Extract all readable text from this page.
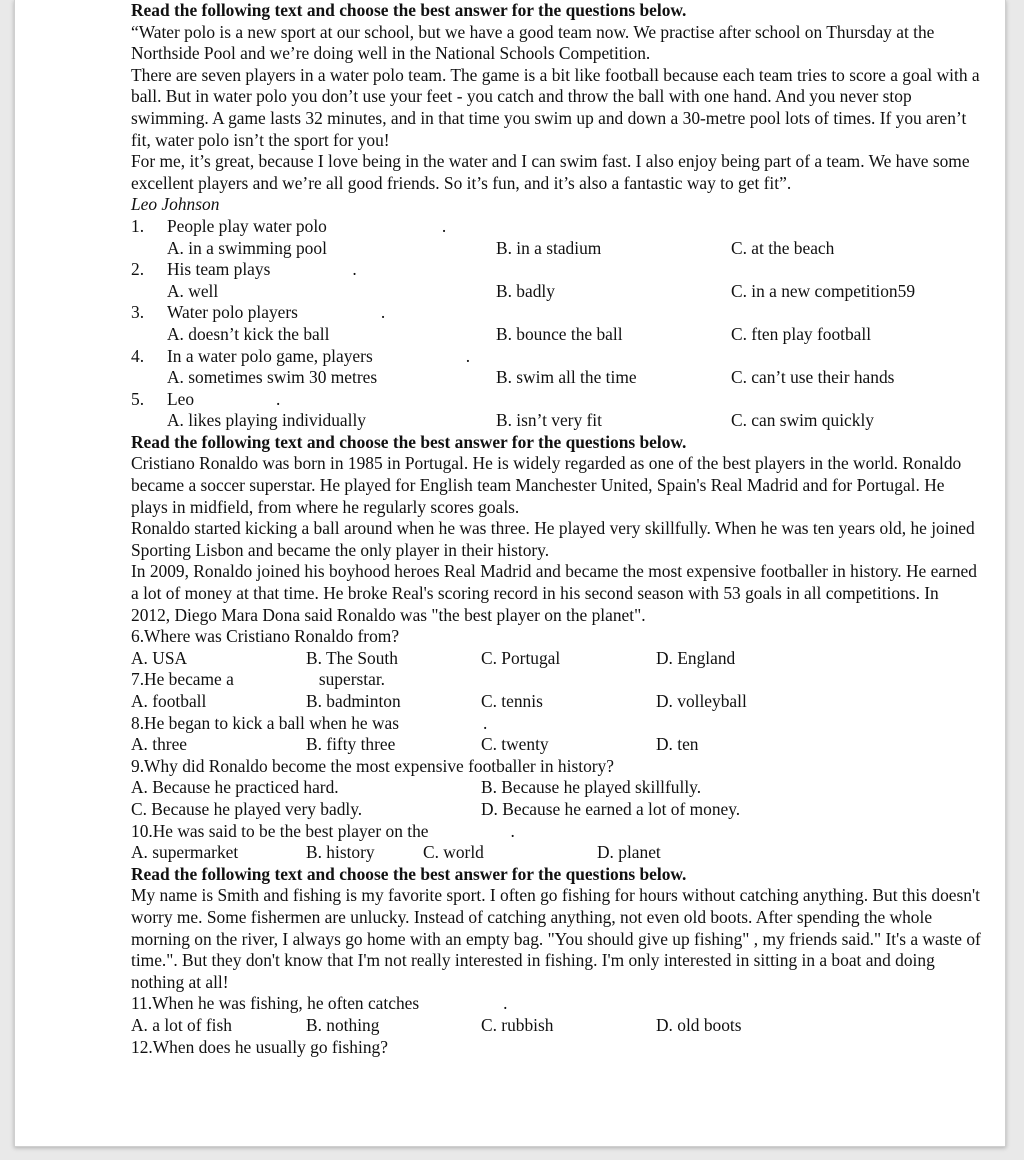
Read the following text and choose the best answer for the questions below.

“Water polo is a new sport at our school, but we have a good team now. We practise after school on Thursday at the Northside Pool and we’re doing well in the National Schools Competition.

There are seven players in a water polo team. The game is a bit like football because each team tries to score a goal with a ball. But in water polo you don’t use your feet - you catch and throw the ball with one hand. And you never stop swimming. A game lasts 32 minutes, and in that time you swim up and down a 30-metre pool lots of times. If you aren’t fit, water polo isn’t the sport for you!

For me, it’s great, because I love being in the water and I can swim fast. I also enjoy being part of a team. We have some excellent players and we’re all good friends. So it’s fun, and it’s also a fantastic way to get fit”.

Leo Johnson

1.	People play water polo	.
A. in a swimming pool	B. in a stadium	C. at the beach
2.	His team plays	.
A. well	B. badly	C. in a new competition59
3.	Water polo players	.
A. doesn’t kick the ball	B. bounce the ball	C. ften play football
4.	In a water polo game, players	.
A. sometimes swim 30 metres	B. swim all the time	C. can’t use their hands
5.	Leo	.
A. likes playing individually	B. isn’t very fit	C. can swim quickly

Read the following text and choose the best answer for the questions below.

Cristiano Ronaldo was born in 1985 in Portugal. He is widely regarded as one of the best players in the world. Ronaldo became a soccer superstar. He played for English team Manchester United, Spain's Real Madrid and for Portugal. He plays in midfield, from where he regularly scores goals.

Ronaldo started kicking a ball around when he was three. He played very skillfully. When he was ten years old, he joined Sporting Lisbon and became the only player in their history.

In 2009, Ronaldo joined his boyhood heroes Real Madrid and became the most expensive footballer in history. He earned a lot of money at that time. He broke Real's scoring record in his second season with 53 goals in all competitions. In 2012, Diego Mara Dona said Ronaldo was "the best player on the planet".

6.Where was Cristiano Ronaldo from?

A. USA	B. The South	C. Portugal	D. England

7.He became a	superstar.

A. football	B. badminton	C. tennis	D. volleyball

8.He began to kick a ball when he was	.

A. three	B. fifty three	C. twenty	D. ten

9.Why did Ronaldo become the most expensive footballer in history?

A. Because he practiced hard.	B. Because he played skillfully.
C. Because he played very badly.	D. Because he earned a lot of money.

10.He was said to be the best player on the	.

A. supermarket	B. history	C. world	D. planet

Read the following text and choose the best answer for the questions below.

My name is Smith and fishing is my favorite sport. I often go fishing for hours without catching anything. But this doesn't worry me. Some fishermen are unlucky. Instead of catching anything, not even old boots. After spending the whole morning on the river, I always go home with an empty bag. "You should give up fishing" , my friends said." It's a waste of time.". But they don't know that I'm not really interested in fishing. I'm only interested in sitting in a boat and doing nothing at all!

11.When he was fishing, he often catches	.

A. a lot of fish	B. nothing	C. rubbish	D. old boots

12.When does he usually go fishing?
